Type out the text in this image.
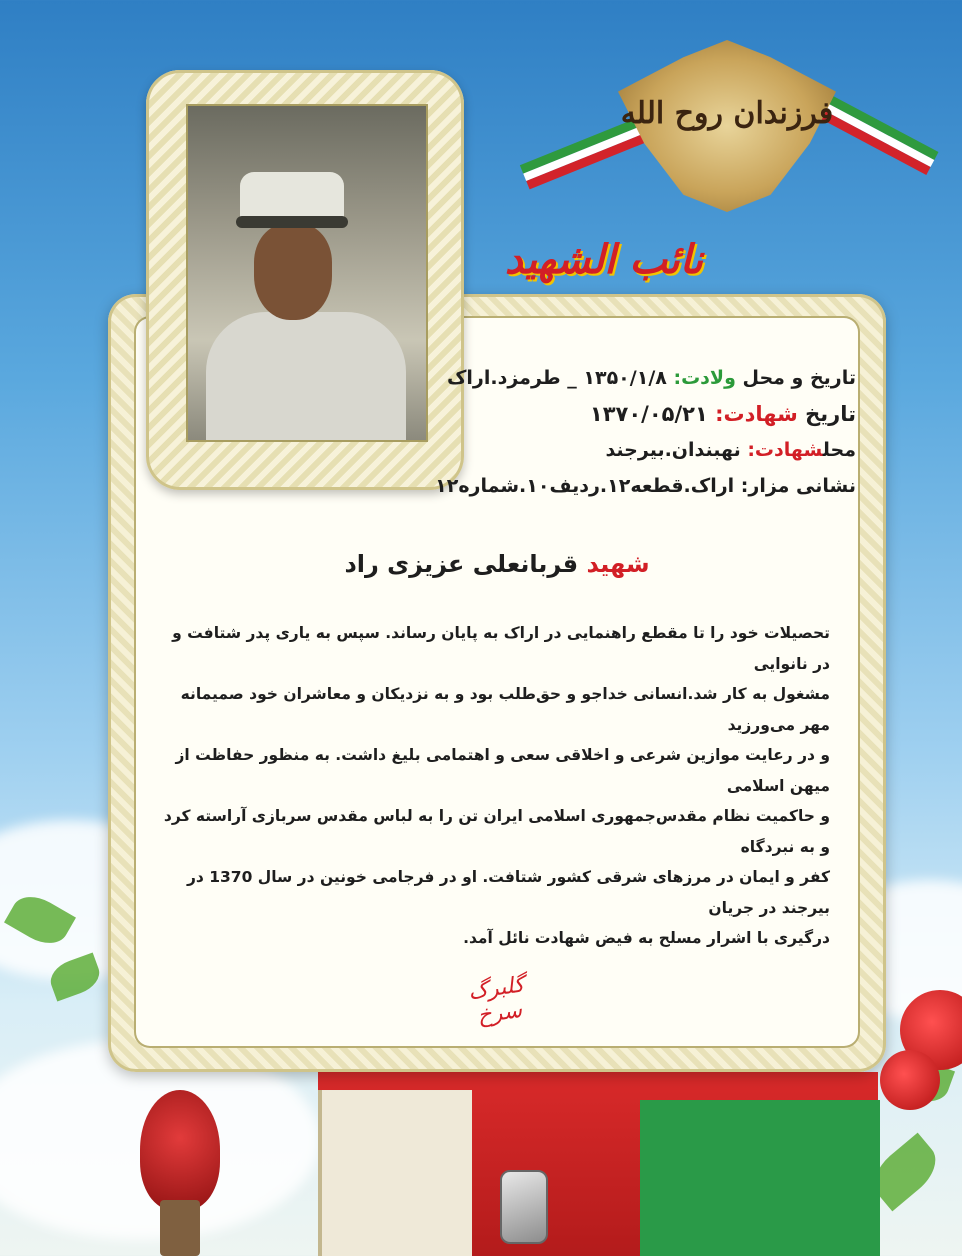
فرزندان روح الله
نائب الشهید
تاریخ و محل ولادت: ۱۳۵۰/۱/۸ _ طرمزد.اراک
تاریخ شهادت: ۱۳۷۰/۰۵/۲۱
محلشهادت: نهبندان.بیرجند
نشانی مزار: اراک.قطعه۱۲.ردیف۱۰.شماره۱۲
شهید قربانعلی عزیزی راد
تحصیلات خود را تا مقطع راهنمایی در اراک به پایان رساند. سپس به یاری پدر شتافت و در نانوایی
مشغول به کار شد.انسانی خداجو و حق‌طلب بود و به نزدیکان و معاشران خود صمیمانه مهر می‌ورزید
و در رعایت موازین شرعی و اخلاقی سعی و اهتمامی بلیغ داشت. به منظور حفاظت از میهن اسلامی
و حاکمیت نظام مقدس‌جمهوری اسلامی ایران تن را به لباس مقدس سربازی آراسته کرد و به نبردگاه
کفر و ایمان در مرزهای شرقی کشور شتافت. او در فرجامی خونین در سال 1370 در بیرجند در جریان
درگیری با اشرار مسلح به فیض شهادت نائل آمد.
گلبرگ سرخ
